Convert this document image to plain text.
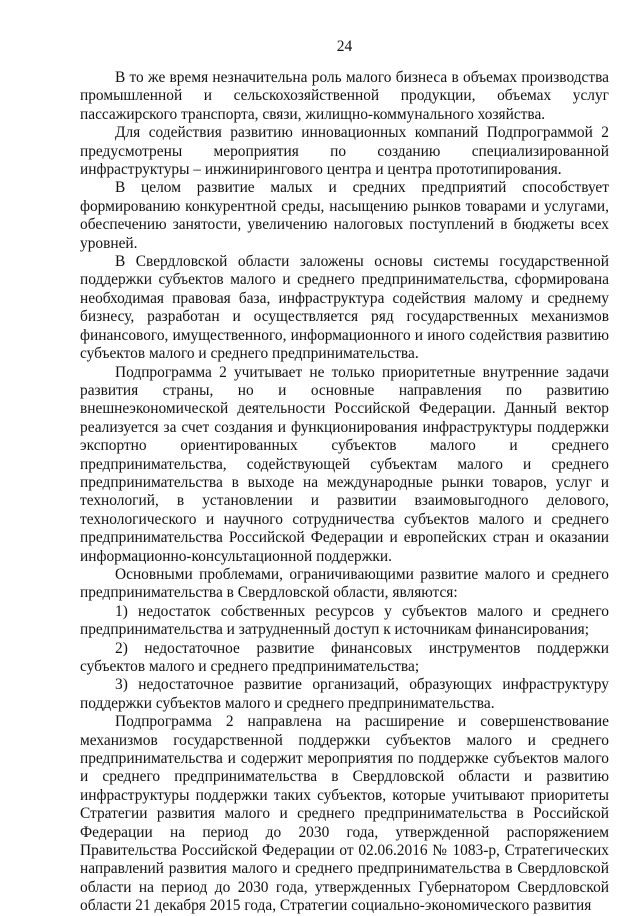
24

В то же время незначительна роль малого бизнеса в объемах производства промышленной и сельскохозяйственной продукции, объемах услуг пассажирского транспорта, связи, жилищно-коммунального хозяйства.

Для содействия развитию инновационных компаний Подпрограммой 2 предусмотрены мероприятия по созданию специализированной инфраструктуры – инжинирингового центра и центра прототипирования.

В целом развитие малых и средних предприятий способствует формированию конкурентной среды, насыщению рынков товарами и услугами, обеспечению занятости, увеличению налоговых поступлений в бюджеты всех уровней.

В Свердловской области заложены основы системы государственной поддержки субъектов малого и среднего предпринимательства, сформирована необходимая правовая база, инфраструктура содействия малому и среднему бизнесу, разработан и осуществляется ряд государственных механизмов финансового, имущественного, информационного и иного содействия развитию субъектов малого и среднего предпринимательства.

Подпрограмма 2 учитывает не только приоритетные внутренние задачи развития страны, но и основные направления по развитию внешнеэкономической деятельности Российской Федерации. Данный вектор реализуется за счет создания и функционирования инфраструктуры поддержки экспортно ориентированных субъектов малого и среднего предпринимательства, содействующей субъектам малого и среднего предпринимательства в выходе на международные рынки товаров, услуг и технологий, в установлении и развитии взаимовыгодного делового, технологического и научного сотрудничества субъектов малого и среднего предпринимательства Российской Федерации и европейских стран и оказании информационно-консультационной поддержки.

Основными проблемами, ограничивающими развитие малого и среднего предпринимательства в Свердловской области, являются:

1) недостаток собственных ресурсов у субъектов малого и среднего предпринимательства и затрудненный доступ к источникам финансирования;

2) недостаточное развитие финансовых инструментов поддержки субъектов малого и среднего предпринимательства;

3) недостаточное развитие организаций, образующих инфраструктуру поддержки субъектов малого и среднего предпринимательства.

Подпрограмма 2 направлена на расширение и совершенствование механизмов государственной поддержки субъектов малого и среднего предпринимательства и содержит мероприятия по поддержке субъектов малого и среднего предпринимательства в Свердловской области и развитию инфраструктуры поддержки таких субъектов, которые учитывают приоритеты Стратегии развития малого и среднего предпринимательства в Российской Федерации на период до 2030 года, утвержденной распоряжением Правительства Российской Федерации от 02.06.2016 № 1083-р, Стратегических направлений развития малого и среднего предпринимательства в Свердловской области на период до 2030 года, утвержденных Губернатором Свердловской области 21 декабря 2015 года, Стратегии социально-экономического развития
